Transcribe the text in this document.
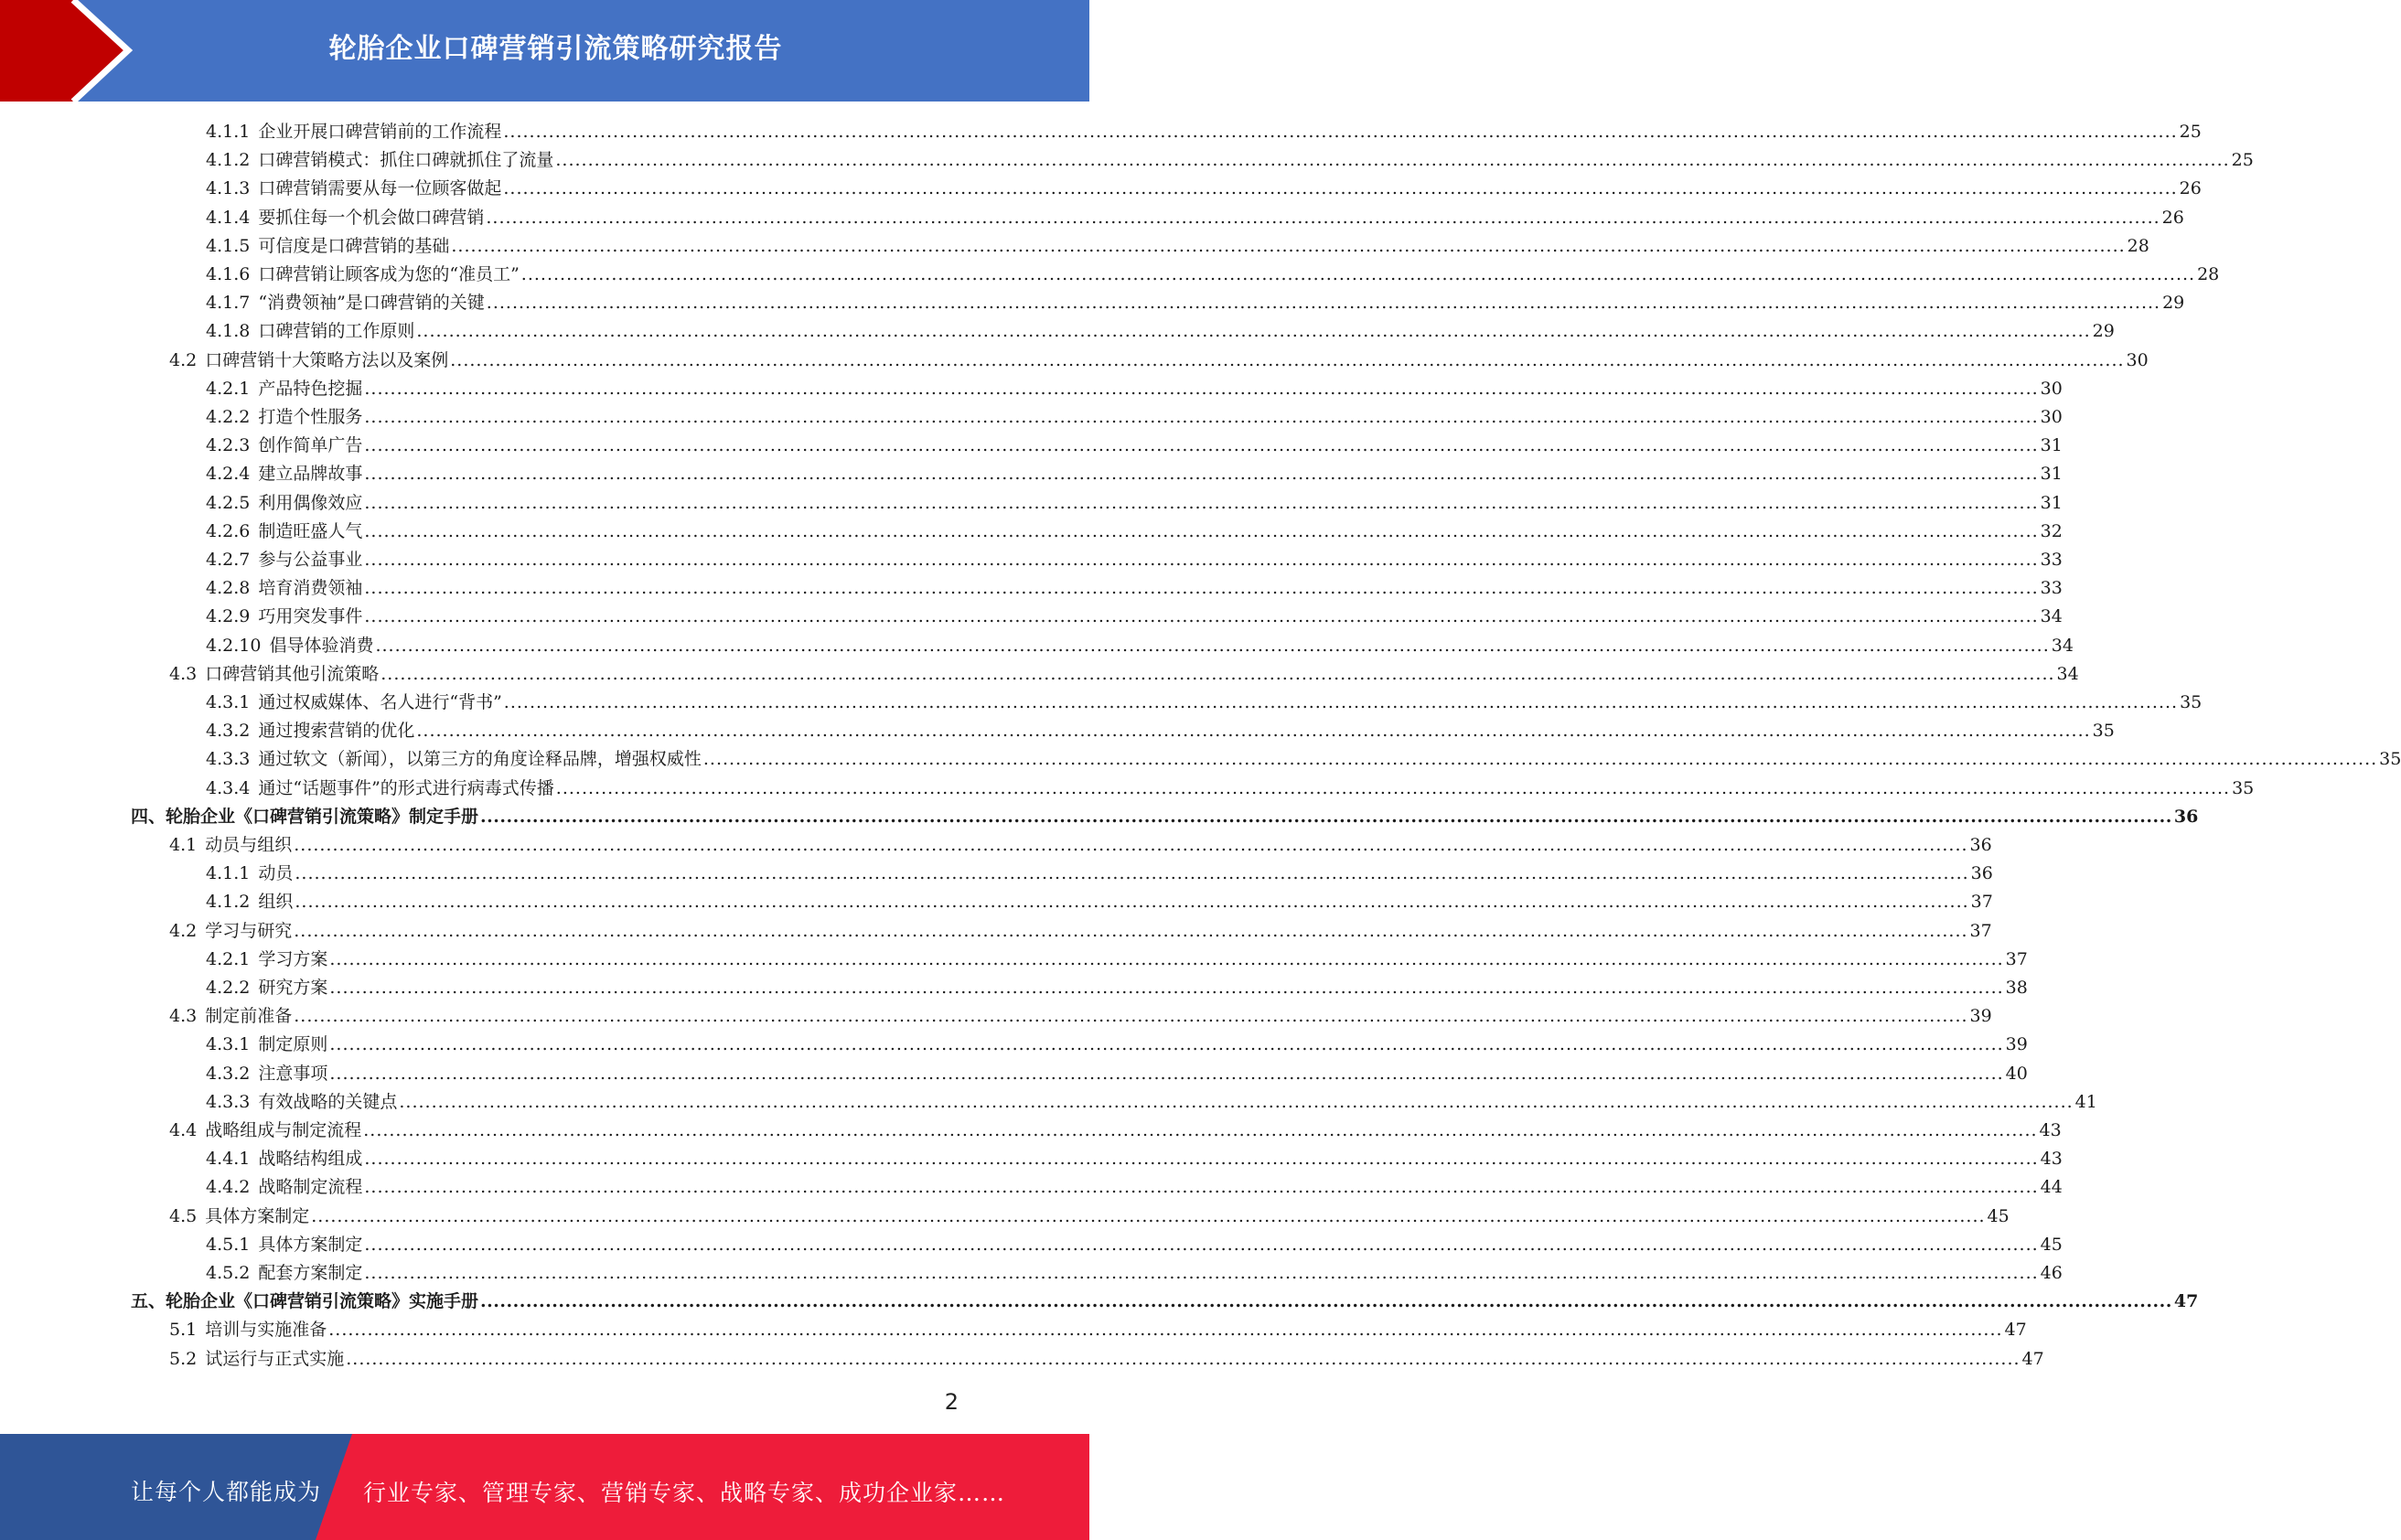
轮胎企业口碑营销引流策略研究报告
4.1.1 企业开展口碑营销前的工作流程 .................................................................................................................................................................................................................................................................... 25
4.1.2 口碑营销模式：抓住口碑就抓住了流量 .................................................................................................................................................................................................................................................................... 25
4.1.3 口碑营销需要从每一位顾客做起 .................................................................................................................................................................................................................................................................... 26
4.1.4 要抓住每一个机会做口碑营销 .................................................................................................................................................................................................................................................................... 26
4.1.5 可信度是口碑营销的基础 .................................................................................................................................................................................................................................................................... 28
4.1.6 口碑营销让顾客成为您的“准员工” .................................................................................................................................................................................................................................................................... 28
4.1.7 “消费领袖”是口碑营销的关键 .................................................................................................................................................................................................................................................................... 29
4.1.8 口碑营销的工作原则 .................................................................................................................................................................................................................................................................... 29
4.2 口碑营销十大策略方法以及案例 .................................................................................................................................................................................................................................................................... 30
4.2.1 产品特色挖掘 .................................................................................................................................................................................................................................................................... 30
4.2.2 打造个性服务 .................................................................................................................................................................................................................................................................... 30
4.2.3 创作简单广告 .................................................................................................................................................................................................................................................................... 31
4.2.4 建立品牌故事 .................................................................................................................................................................................................................................................................... 31
4.2.5 利用偶像效应 .................................................................................................................................................................................................................................................................... 31
4.2.6 制造旺盛人气 .................................................................................................................................................................................................................................................................... 32
4.2.7 参与公益事业 .................................................................................................................................................................................................................................................................... 33
4.2.8 培育消费领袖 .................................................................................................................................................................................................................................................................... 33
4.2.9 巧用突发事件 .................................................................................................................................................................................................................................................................... 34
4.2.10 倡导体验消费 .................................................................................................................................................................................................................................................................... 34
4.3 口碑营销其他引流策略 .................................................................................................................................................................................................................................................................... 34
4.3.1 通过权威媒体、名人进行“背书” .................................................................................................................................................................................................................................................................... 35
4.3.2 通过搜索营销的优化 .................................................................................................................................................................................................................................................................... 35
4.3.3 通过软文（新闻），以第三方的角度诠释品牌，增强权威性 .................................................................................................................................................................................................................................................................... 35
4.3.4 通过“话题事件”的形式进行病毒式传播 .................................................................................................................................................................................................................................................................... 35
四、轮胎企业《口碑营销引流策略》制定手册 .................................................................................................................................................................................................................................................................... 36
4.1 动员与组织 .................................................................................................................................................................................................................................................................... 36
4.1.1 动员 .................................................................................................................................................................................................................................................................... 36
4.1.2 组织 .................................................................................................................................................................................................................................................................... 37
4.2 学习与研究 .................................................................................................................................................................................................................................................................... 37
4.2.1 学习方案 .................................................................................................................................................................................................................................................................... 37
4.2.2 研究方案 .................................................................................................................................................................................................................................................................... 38
4.3 制定前准备 .................................................................................................................................................................................................................................................................... 39
4.3.1 制定原则 .................................................................................................................................................................................................................................................................... 39
4.3.2 注意事项 .................................................................................................................................................................................................................................................................... 40
4.3.3 有效战略的关键点 .................................................................................................................................................................................................................................................................... 41
4.4 战略组成与制定流程 .................................................................................................................................................................................................................................................................... 43
4.4.1 战略结构组成 .................................................................................................................................................................................................................................................................... 43
4.4.2 战略制定流程 .................................................................................................................................................................................................................................................................... 44
4.5 具体方案制定 .................................................................................................................................................................................................................................................................... 45
4.5.1 具体方案制定 .................................................................................................................................................................................................................................................................... 45
4.5.2 配套方案制定 .................................................................................................................................................................................................................................................................... 46
五、轮胎企业《口碑营销引流策略》实施手册 .................................................................................................................................................................................................................................................................... 47
5.1 培训与实施准备 .................................................................................................................................................................................................................................................................... 47
5.2 试运行与正式实施 .................................................................................................................................................................................................................................................................... 47
2
让每个人都能成为 行业专家、管理专家、营销专家、战略专家、成功企业家……
